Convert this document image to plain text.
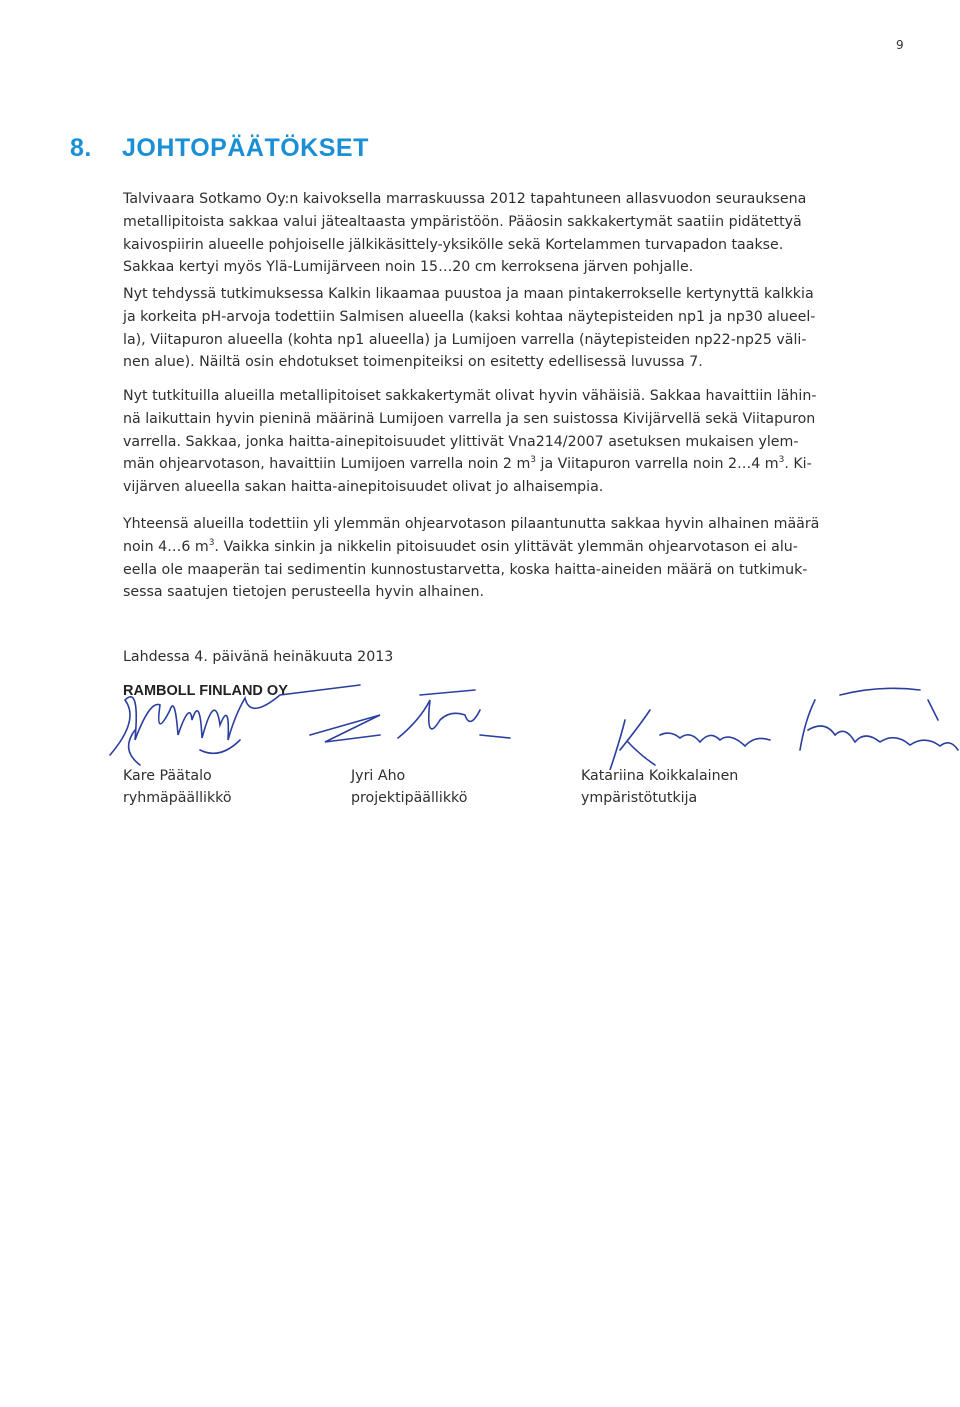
9
8. JOHTOPÄÄTÖKSET
Talvivaara Sotkamo Oy:n kaivoksella marraskuussa 2012 tapahtuneen allasvuodon seurauksena
metallipitoista sakkaa valui jätealtaasta ympäristöön. Pääosin sakkakertymät saatiin pidätettyä
kaivospiirin alueelle pohjoiselle jälkikäsittely-yksikölle sekä Kortelammen turvapadon taakse.
Sakkaa kertyi myös Ylä-Lumijärveen noin 15…20 cm kerroksena järven pohjalle.
Nyt tehdyssä tutkimuksessa Kalkin likaamaa puustoa ja maan pintakerrokselle kertynyttä kalkkia
ja korkeita pH-arvoja todettiin Salmisen alueella (kaksi kohtaa näytepisteiden np1 ja np30 alueel-
la), Viitapuron alueella (kohta np1 alueella) ja Lumijoen varrella (näytepisteiden np22-np25 väli-
nen alue). Näiltä osin ehdotukset toimenpiteiksi on esitetty edellisessä luvussa 7.
Nyt tutkituilla alueilla metallipitoiset sakkakertymät olivat hyvin vähäisiä. Sakkaa havaittiin lähin-
nä laikuttain hyvin pieninä määrinä Lumijoen varrella ja sen suistossa Kivijärvellä sekä Viitapuron
varrella. Sakkaa, jonka haitta-ainepitoisuudet ylittivät Vna214/2007 asetuksen mukaisen ylem-
män ohjearvotason, havaittiin Lumijoen varrella noin 2 $m^3$ ja Viitapuron varrella noin 2…4 $m^3$. Ki-
vijärven alueella sakan haitta-ainepitoisuudet olivat jo alhaisempia.
Yhteensä alueilla todettiin yli ylemmän ohjearvotason pilaantunutta sakkaa hyvin alhainen määrä
noin 4…6 $m^3$. Vaikka sinkin ja nikkelin pitoisuudet osin ylittävät ylemmän ohjearvotason ei alu-
eella ole maaperän tai sedimentin kunnostustarvetta, koska haitta-aineiden määrä on tutkimuk-
sessa saatujen tietojen perusteella hyvin alhainen.
Lahdessa 4. päivänä heinäkuuta 2013
RAMBOLL FINLAND OY
Kare Päätalo
ryhmäpäällikkö
Jyri Aho
projektipäällikkö
Katariina Koikkalainen
ympäristötutkija
